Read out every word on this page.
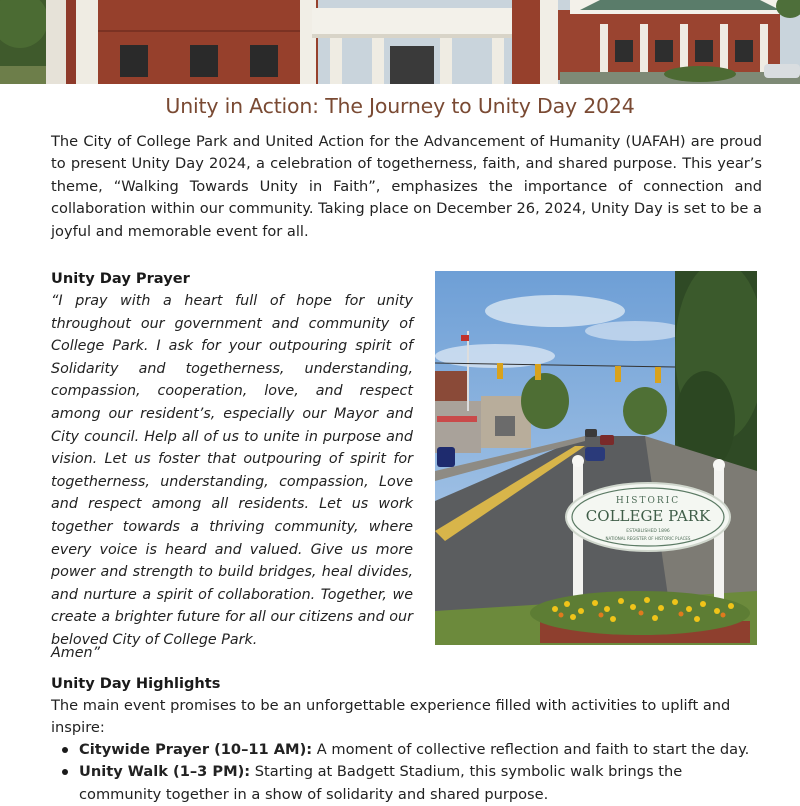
Unity in Action: The Journey to Unity Day 2024
The City of College Park and United Action for the Advancement of Humanity (UAFAH) are proud to present Unity Day 2024, a celebration of togetherness, faith, and shared purpose. This year’s theme, “Walking Towards Unity in Faith”, emphasizes the importance of connection and collaboration within our community. Taking place on December 26, 2024, Unity Day is set to be a joyful and memorable event for all.
Unity Day Prayer
“I pray with a heart full of hope for unity throughout our government and community of College Park. I ask for your outpouring spirit of Solidarity and togetherness, understanding, compassion, cooperation, love, and respect among our resident’s, especially our Mayor and City council. Help all of us to unite in purpose and vision. Let us foster that outpouring of spirit for togetherness, understanding, compassion, Love and respect among all residents. Let us work together towards a thriving community, where every voice is heard and valued. Give us more power and strength to build bridges, heal divides, and nurture a spirit of collaboration. Together, we create a brighter future for all our citizens and our beloved City of College Park.
Amen”
HISTORIC
COLLEGE PARK
ESTABLISHED 1896
NATIONAL REGISTER OF HISTORIC PLACES
Unity Day Highlights
The main event promises to be an unforgettable experience filled with activities to uplift and inspire:
Citywide Prayer (10–11 AM): A moment of collective reflection and faith to start the day.
Unity Walk (1–3 PM): Starting at Badgett Stadium, this symbolic walk brings the community together in a show of solidarity and shared purpose.
